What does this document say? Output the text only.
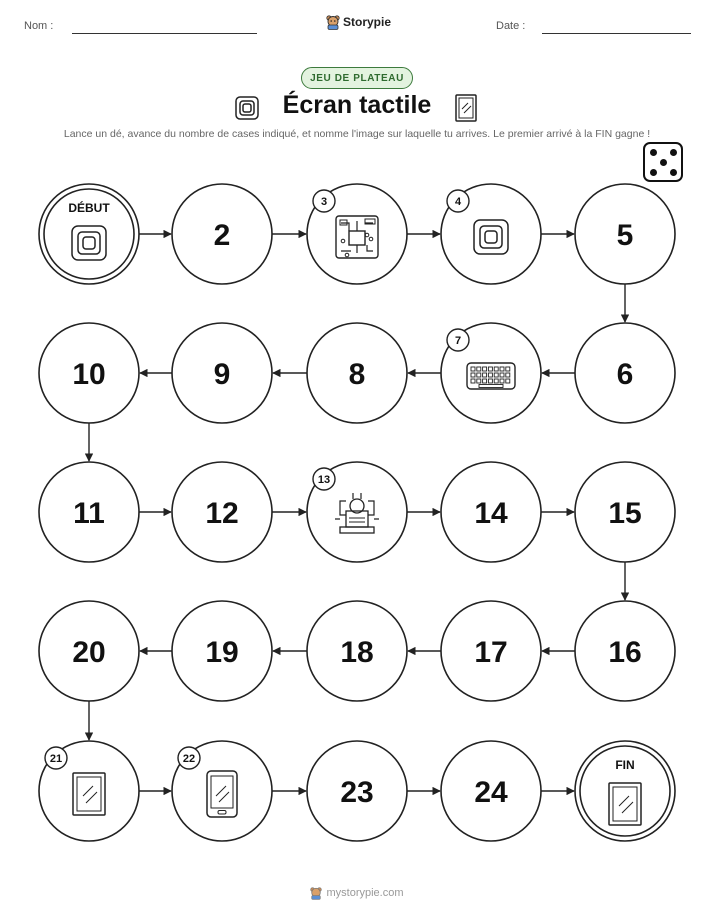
Nom :	Storypie	Date :
JEU DE PLATEAU
Écran tactile
Lance un dé, avance du nombre de cases indiqué, et nomme l'image sur laquelle tu arrives. Le premier arrivé à la FIN gagne !
DÉBUT
2
3	4
5
6
7
8
9
10
11	12
13
14	15
16
17
18
19
20
21	22
23	24
FIN
mystorypie.com
